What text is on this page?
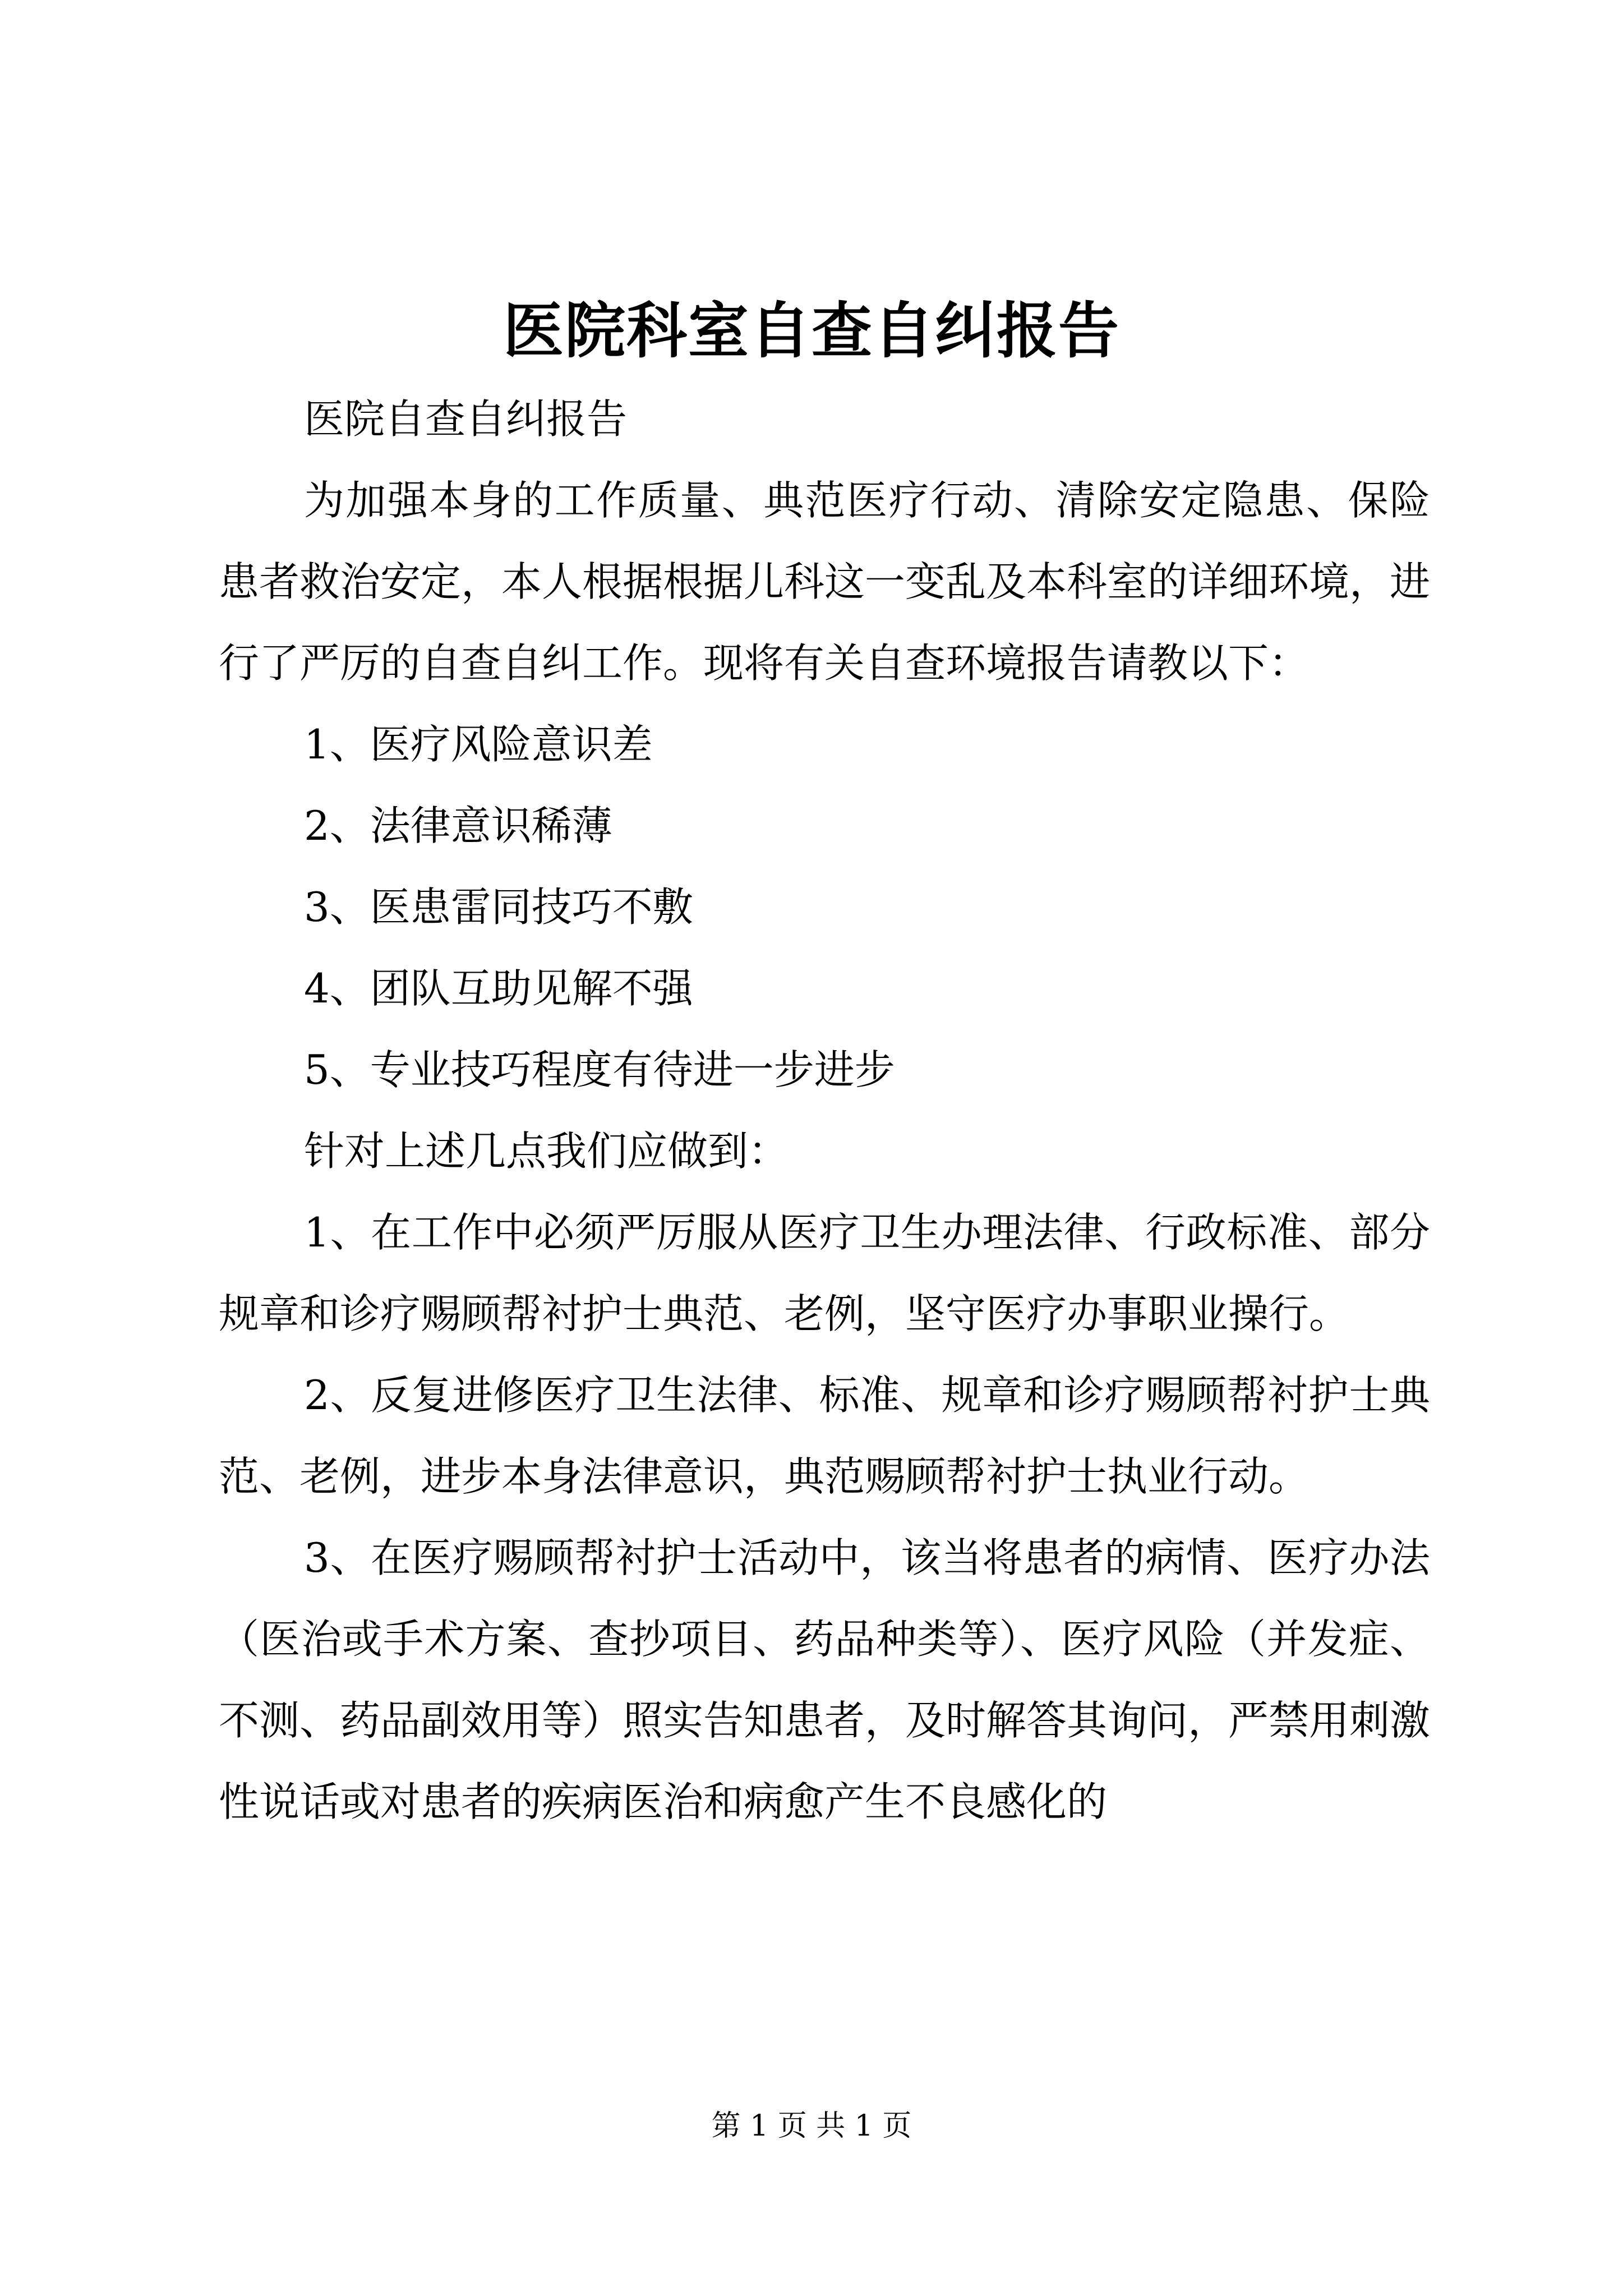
医院科室自查自纠报告

医院自查自纠报告

为加强本身的工作质量、典范医疗行动、清除安定隐患、保险患者救治安定，本人根据根据儿科这一变乱及本科室的详细环境，进行了严厉的自查自纠工作。现将有关自查环境报告请教以下：

1、医疗风险意识差

2、法律意识稀薄

3、医患雷同技巧不敷

4、团队互助见解不强

5、专业技巧程度有待进一步进步

针对上述几点我们应做到：

1、在工作中必须严厉服从医疗卫生办理法律、行政标准、部分规章和诊疗赐顾帮衬护士典范、老例，坚守医疗办事职业操行。

2、反复进修医疗卫生法律、标准、规章和诊疗赐顾帮衬护士典范、老例，进步本身法律意识，典范赐顾帮衬护士执业行动。

3、在医疗赐顾帮衬护士活动中，该当将患者的病情、医疗办法（医治或手术方案、查抄项目、药品种类等）、医疗风险（并发症、不测、药品副效用等）照实告知患者，及时解答其询问，严禁用刺激性说话或对患者的疾病医治和病愈产生不良感化的

第 1 页 共 1 页
